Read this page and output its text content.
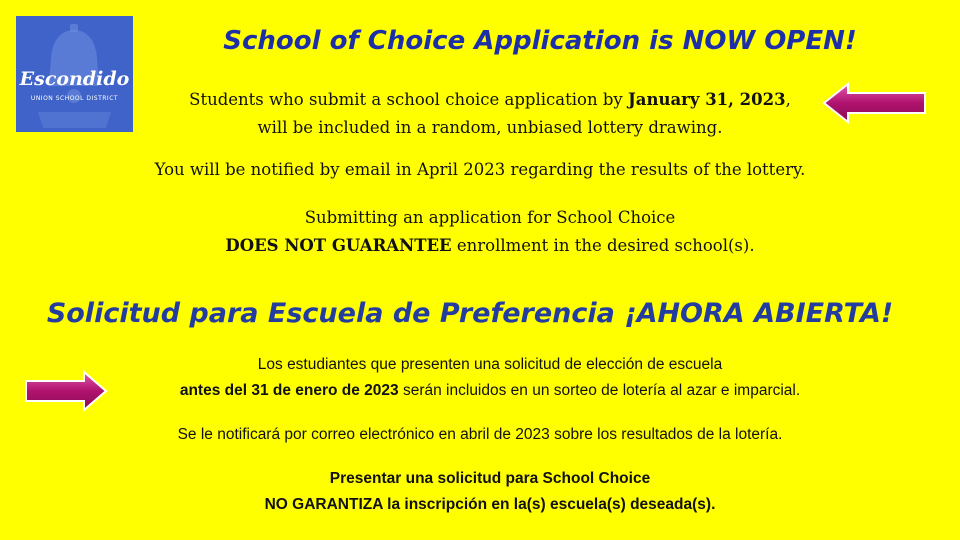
Escondido
UNION SCHOOL DISTRICT
School of Choice Application is NOW OPEN!
Students who submit a school choice application by January 31, 2023,
will be included in a random, unbiased lottery drawing.
You will be notified by email in April 2023 regarding the results of the lottery.
Submitting an application for School Choice
DOES NOT GUARANTEE enrollment in the desired school(s).
Solicitud para Escuela de Preferencia ¡AHORA ABIERTA!
Los estudiantes que presenten una solicitud de elección de escuela
antes del 31 de enero de 2023 serán incluidos en un sorteo de lotería al azar e imparcial.
Se le notificará por correo electrónico en abril de 2023 sobre los resultados de la lotería.
Presentar una solicitud para School Choice
NO GARANTIZA la inscripción en la(s) escuela(s) deseada(s).
